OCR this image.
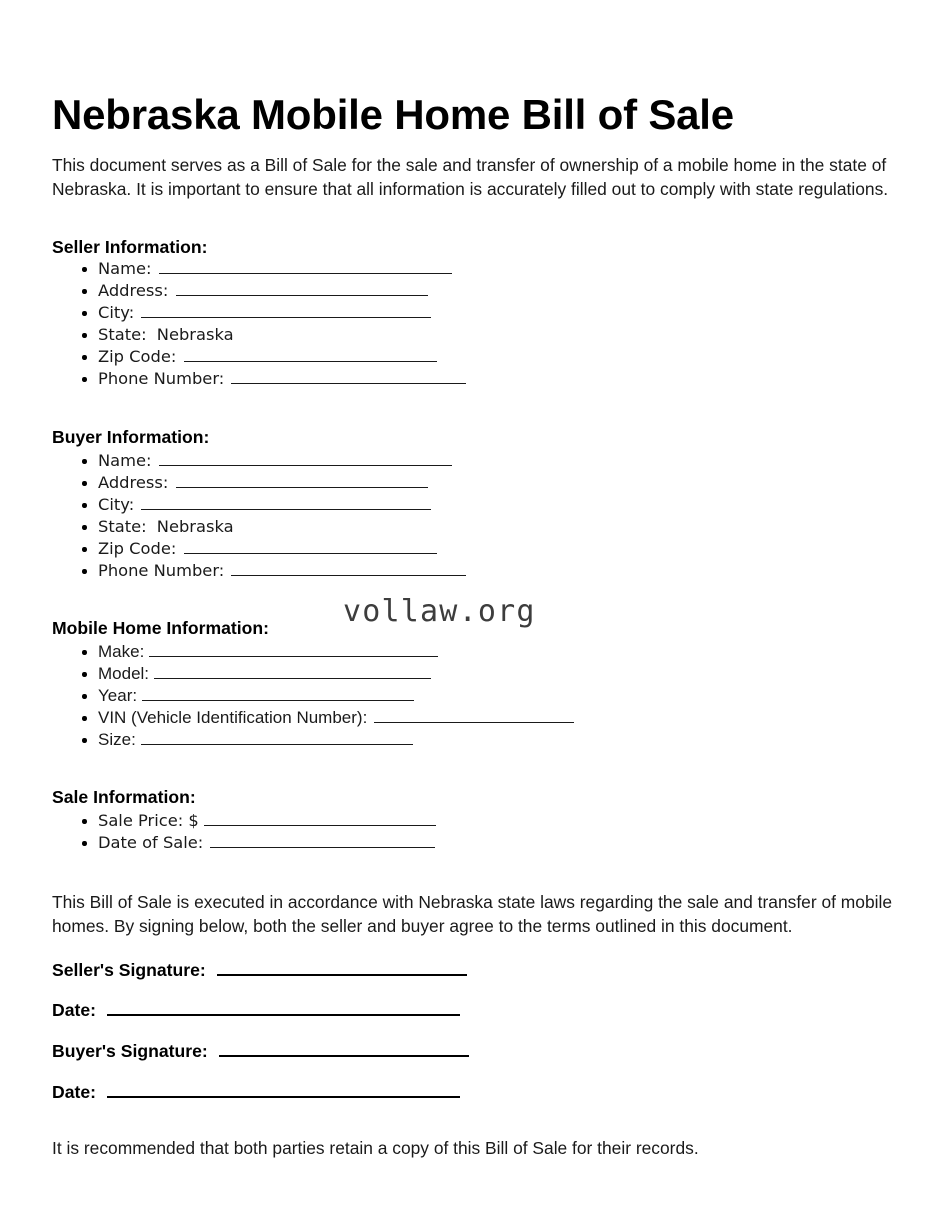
Nebraska Mobile Home Bill of Sale

This document serves as a Bill of Sale for the sale and transfer of ownership of a mobile home in the state of Nebraska. It is important to ensure that all information is accurately filled out to comply with state regulations.

Seller Information:
Name:
Address:
City:
State: Nebraska
Zip Code:
Phone Number:
Buyer Information:
Name:
Address:
City:
State: Nebraska
Zip Code:
Phone Number:
Mobile Home Information: vollaw.org
Make:
Model:
Year:
VIN (Vehicle Identification Number):
Size:
Sale Information:
Sale Price: $
Date of Sale:

This Bill of Sale is executed in accordance with Nebraska state laws regarding the sale and transfer of mobile homes. By signing below, both the seller and buyer agree to the terms outlined in this document.

Seller's Signature:
Date:
Buyer's Signature:
Date:

It is recommended that both parties retain a copy of this Bill of Sale for their records.
